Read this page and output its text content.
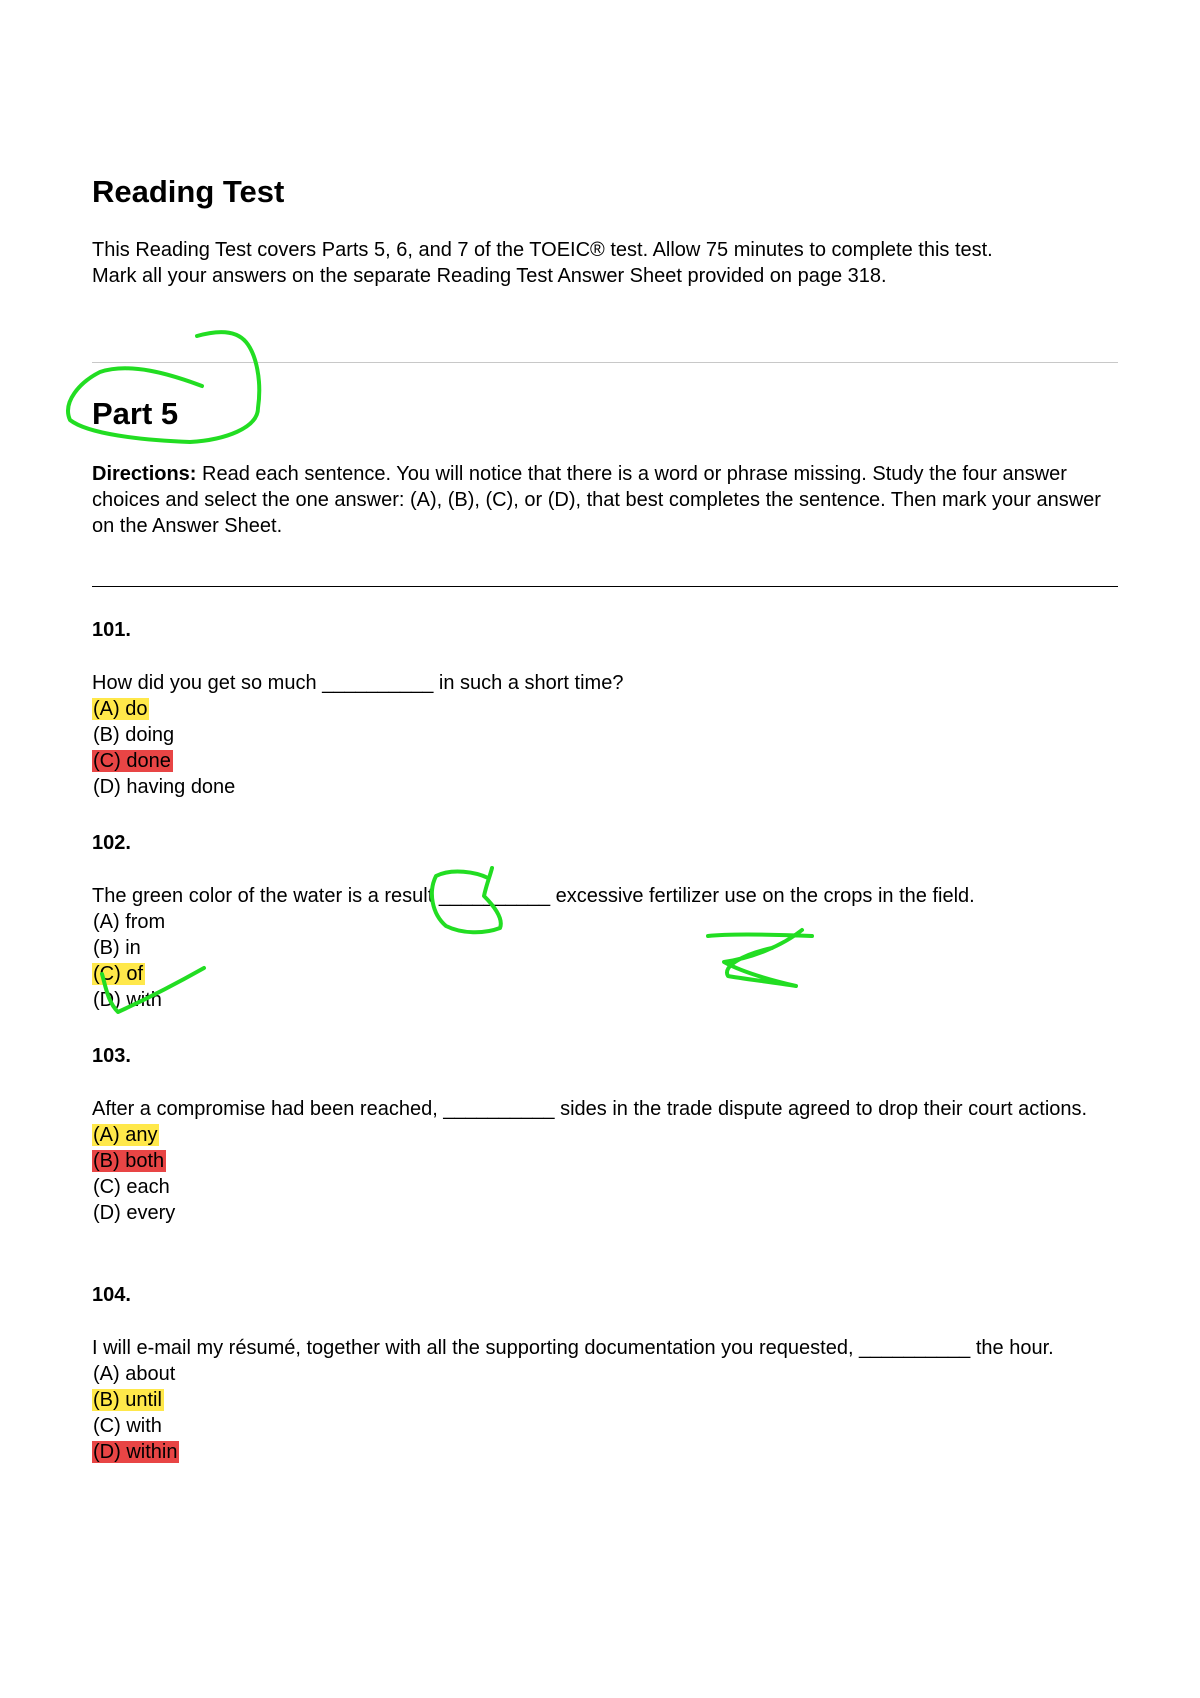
Reading Test

This Reading Test covers Parts 5, 6, and 7 of the TOEIC® test. Allow 75 minutes to complete this test.

Mark all your answers on the separate Reading Test Answer Sheet provided on page 318.

Part 5

Directions: Read each sentence. You will notice that there is a word or phrase missing. Study the four answer choices and select the one answer: (A), (B), (C), or (D), that best completes the sentence. Then mark your answer on the Answer Sheet.

101.

How did you get so much __________ in such a short time?

(A) do

(B) doing

(C) done

(D) having done

102.

The green color of the water is a result __________ excessive fertilizer use on the crops in the field.

(A) from

(B) in

(C) of

(D) with

103.

After a compromise had been reached, __________ sides in the trade dispute agreed to drop their court actions.

(A) any

(B) both

(C) each

(D) every

104.

I will e-mail my résumé, together with all the supporting documentation you requested, __________ the hour.

(A) about

(B) until

(C) with

(D) within
